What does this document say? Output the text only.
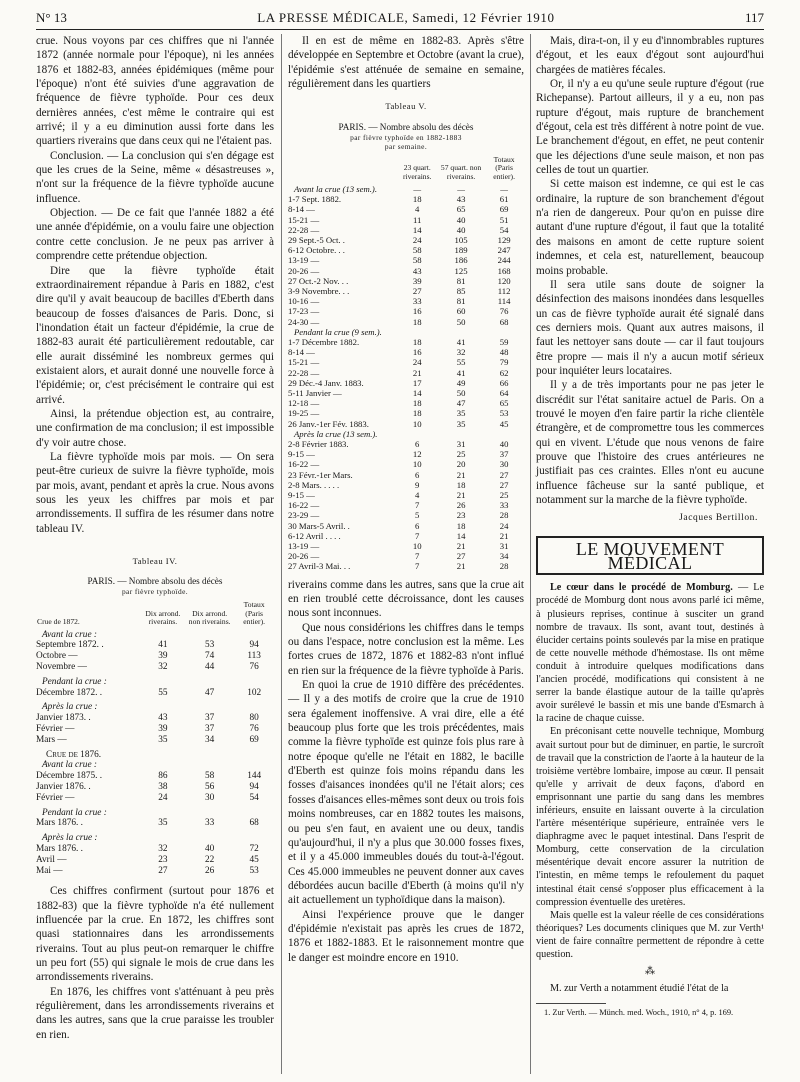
N° 13	LA PRESSE MÉDICALE, Samedi, 12 Février 1910	117

crue. Nous voyons par ces chiffres que ni l'année 1872 (année normale pour l'époque), ni les années 1876 et 1882-83, années épidémiques (même pour l'époque) n'ont été suivies d'une aggravation de fréquence de fièvre typhoïde. Pour ces deux dernières années, c'est même le contraire qui est arrivé; il y a eu diminution aussi forte dans les quartiers riverains que dans ceux qui ne l'étaient pas.

Conclusion. — La conclusion qui s'en dégage est que les crues de la Seine, même « désastreuses », n'ont sur la fréquence de la fièvre typhoïde aucune influence.

Objection. — De ce fait que l'année 1882 a été une année d'épidémie, on a voulu faire une objection contre cette conclusion. Je ne peux pas arriver à comprendre cette prétendue objection.

Dire que la fièvre typhoïde était extraordinairement répandue à Paris en 1882, c'est dire qu'il y avait beaucoup de bacilles d'Eberth dans beaucoup de fosses d'aisances de Paris. Donc, si l'inondation était un facteur d'épidémie, la crue de 1882-83 aurait été particulièrement redoutable, car elle aurait disséminé les nombreux germes qui existaient alors, et aurait donné une nouvelle force à l'épidémie; or, c'est précisément le contraire qui est arrivé.

Ainsi, la prétendue objection est, au contraire, une confirmation de ma conclusion; il est impossible d'y voir autre chose.

La fièvre typhoïde mois par mois. — On sera peut-être curieux de suivre la fièvre typhoïde, mois par mois, avant, pendant et après la crue. Nous avons sous les yeux les chiffres par mois et par arrondissements. Il suffira de les résumer dans notre tableau IV.

Tableau IV.
PARIS. — Nombre absolu des décès
par fièvre typhoïde.
Crue de 1872.	Dix arrond. riverains.	Dix arrond. non riverains.	Totaux (Paris entier).
Avant la crue :			
Septembre 1872. .	41	53	94
Octobre —	39	74	113
Novembre —	32	44	76

Pendant la crue :			
Décembre 1872. .	55	47	102

Après la crue :			
Janvier 1873. .	43	37	80
Février —	39	37	76
Mars —	35	34	69

Crue de 1876.			
Avant la crue :			
Décembre 1875. .	86	58	144
Janvier 1876. .	38	56	94
Février —	24	30	54

Pendant la crue :			
Mars 1876. .	35	33	68

Après la crue :			
Mars 1876. .	32	40	72
Avril —	23	22	45
Mai —	27	26	53

Ces chiffres confirment (surtout pour 1876 et 1882-83) que la fièvre typhoïde n'a été nullement influencée par la crue. En 1872, les chiffres sont quasi stationnaires dans les arrondissements riverains. Tout au plus peut-on remarquer le chiffre un peu fort (55) qui signale le mois de crue dans les arrondissements riverains.

En 1876, les chiffres vont s'atténuant à peu près régulièrement, dans les arrondissements riverains et dans les autres, sans que la crue paraisse les troubler en rien.

Il en est de même en 1882-83. Après s'être développée en Septembre et Octobre (avant la crue), l'épidémie s'est atténuée de semaine en semaine, régulièrement dans les quartiers

Tableau V.
PARIS. — Nombre absolu des décès
par fièvre typhoïde en 1882-1883
par semaine.
	23 quart. riverains.	57 quart. non riverains.	Totaux (Paris entier).
Avant la crue (13 sem.).	—	—	—
1-7 Sept. 1882.	18	43	61
8-14 —	4	65	69
15-21 —	11	40	51
22-28 —	14	40	54
29 Sept.-5 Oct. .	24	105	129
6-12 Octobre. . .	58	189	247
13-19 —	58	186	244
20-26 —	43	125	168
27 Oct.-2 Nov. . .	39	81	120
3-9 Novembre. . .	27	85	112
10-16 —	33	81	114
17-23 —	16	60	76
24-30 —	18	50	68
Pendant la crue (9 sem.).			
1-7 Décembre 1882.	18	41	59
8-14 —	16	32	48
15-21 —	24	55	79
22-28 —	21	41	62
29 Déc.-4 Janv. 1883.	17	49	66
5-11 Janvier —	14	50	64
12-18 —	18	47	65
19-25 —	18	35	53
26 Janv.-1er Fév. 1883.	10	35	45
Après la crue (13 sem.).			
2-8 Février 1883.	6	31	40
9-15 —	12	25	37
16-22 —	10	20	30
23 Févr.-1er Mars.	6	21	27
2-8 Mars. . . . .	9	18	27
9-15 —	4	21	25
16-22 —	7	26	33
23-29 —	5	23	28
30 Mars-5 Avril. .	6	18	24
6-12 Avril . . . .	7	14	21
13-19 —	10	21	31
20-26 —	7	27	34
27 Avril-3 Mai. . .	7	21	28

riverains comme dans les autres, sans que la crue ait en rien troublé cette décroissance, dont les causes nous sont inconnues.

Que nous considérions les chiffres dans le temps ou dans l'espace, notre conclusion est la même. Les fortes crues de 1872, 1876 et 1882-83 n'ont influé en rien sur la fréquence de la fièvre typhoïde à Paris.

En quoi la crue de 1910 diffère des précédentes. — Il y a des motifs de croire que la crue de 1910 sera également inoffensive. A vrai dire, elle a été beaucoup plus forte que les trois précédentes, mais comme la fièvre typhoïde est quinze fois plus rare à notre époque qu'elle ne l'était en 1882, le bacille d'Eberth est quinze fois moins répandu dans les fosses d'aisances inondées qu'il ne l'était alors; ces fosses d'aisances elles-mêmes sont deux ou trois fois moins nombreuses, car en 1882 toutes les maisons, ou peu s'en faut, en avaient une ou deux, tandis qu'aujourd'hui, il n'y a plus que 30.000 fosses fixes, et il y a 45.000 immeubles doués du tout-à-l'égout. Ces 45.000 immeubles ne peuvent donner aux caves débordées aucun bacille d'Eberth (à moins qu'il n'y ait actuellement un typhoïdique dans la maison).

Ainsi l'expérience prouve que le danger d'épidémie n'existait pas après les crues de 1872, 1876 et 1882-1883. Et le raisonnement montre que le danger est moindre encore en 1910.

Mais, dira-t-on, il y eu d'innombrables ruptures d'égout, et les eaux d'égout sont aujourd'hui chargées de matières fécales.

Or, il n'y a eu qu'une seule rupture d'égout (rue Richepanse). Partout ailleurs, il y a eu, non pas rupture d'égout, mais rupture de branchement d'égout, cela est très différent à notre point de vue. Le branchement d'égout, en effet, ne peut contenir que les déjections d'une seule maison, et non pas celles de tout un quartier.

Si cette maison est indemne, ce qui est le cas ordinaire, la rupture de son branchement d'égout n'a rien de dangereux. Pour qu'on en puisse dire autant d'une rupture d'égout, il faut que la totalité des maisons en amont de cette rupture soient indemnes, et cela est, naturellement, beaucoup moins probable.

Il sera utile sans doute de soigner la désinfection des maisons inondées dans lesquelles un cas de fièvre typhoïde aurait été signalé dans ces derniers mois. Quant aux autres maisons, il faut les nettoyer sans doute — car il faut toujours être propre — mais il n'y a aucun motif sérieux pour inquiéter leurs locataires.

Il y a de très importants pour ne pas jeter le discrédit sur l'état sanitaire actuel de Paris. On a trouvé le moyen d'en faire partir la riche clientèle étrangère, et de compromettre tous les commerces qui en vivent. L'étude que nous venons de faire prouve que l'histoire des crues antérieures ne justifiait pas ces craintes. Elles n'ont eu aucune influence fâcheuse sur la santé publique, et notamment sur la marche de la fièvre typhoïde.

Jacques Bertillon.
LE MOUVEMENT MÉDICAL

Le cœur dans le procédé de Momburg. — Le procédé de Momburg dont nous avons parlé ici même, à plusieurs reprises, continue à susciter un grand nombre de travaux. Ils sont, avant tout, destinés à élucider certains points soulevés par la mise en pratique de cette nouvelle méthode d'hémostase. Ils ont même conduit à introduire quelques modifications dans l'ancien procédé, modifications qui consistent à ne serrer la bande élastique autour de la taille qu'après avoir surélevé le bassin et mis une bande d'Esmarch à la racine de chaque cuisse.

En préconisant cette nouvelle technique, Momburg avait surtout pour but de diminuer, en partie, le surcroît de travail que la constriction de l'aorte à la hauteur de la troisième vertèbre lombaire, impose au cœur. Il pensait qu'elle y arrivait de deux façons, d'abord en emprisonnant une partie du sang dans les membres inférieurs, ensuite en laissant ouverte à la circulation l'artère mésentérique supérieure, entraînée vers le diaphragme avec le paquet intestinal. Dans l'esprit de Momburg, cette conservation de la circulation mésentérique devait encore assurer la nutrition de l'intestin, en même temps le refoulement du paquet intestinal était censé s'opposer plus efficacement à la compression éventuelle des uretères.

Mais quelle est la valeur réelle de ces considérations théoriques? Les documents cliniques que M. zur Verth¹ vient de faire connaître permettent de répondre à cette question.

⁂

M. zur Verth a notamment étudié l'état de la

1. Zur Verth. — Münch. med. Woch., 1910, n° 4, p. 169.
